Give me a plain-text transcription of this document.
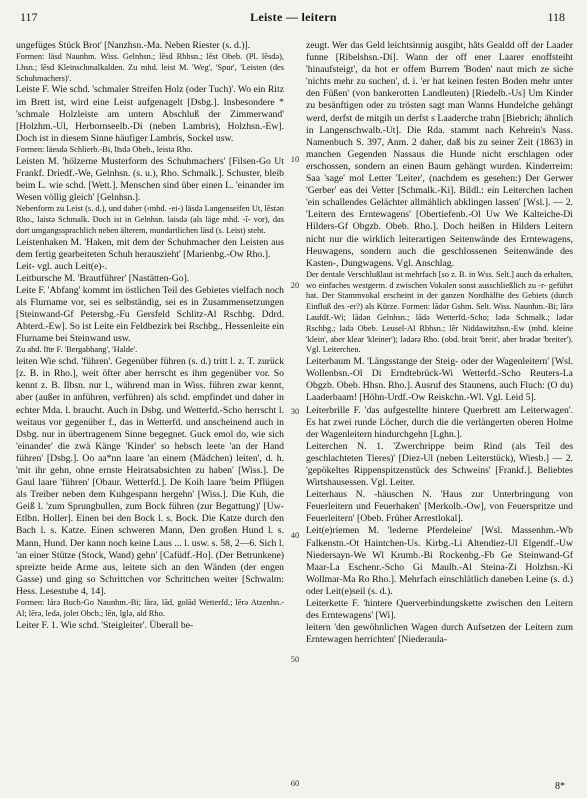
117	Leiste — leitern	118

ungefüges Stück Brot' [Nanzhsn.-Ma. Neben Riester (s. d.)].

Formen: läsd Naunhm. Wiss. Gelnhsn.; lēsd Rbhsn.; lēst Obeb. (Pl. lēsdə), Lhsn.; lēsd Kleinschmalkalden. Zu mhd. leist M. 'Weg', 'Spur', 'Leisten (des Schuhmachers)'.

Leiste F. Wie schd. 'schmaler Streifen Holz (oder Tuch)'. Wo ein Ritz im Brett ist, wird eine Leist aufgenagelt [Dsbg.]. Insbesondere * 'schmale Holzleiste am untern Abschluß der Zimmerwand' [Holzhm.-Ul, Herbornseelb.-Di (neben Lambris), Holzhsn.-Ew]. Doch ist in diesem Sinne häufiger Lambris, Sockel usw.

Formen: läesdə Schlierb.-Bi, līsdə Obeb., leistə Rho.

Leisten M. 'hölzerne Musterform des Schuhmachers' [Filsen-Go Ut Frankf. Driedf.-We, Gelnhsn. (s. u.), Rho. Schmalk.]. Schuster, bleib beim L. wie schd. [Wett.]. Menschen sind über einen L. 'einander im Wesen völlig gleich' [Gelnhsn.].

Nebenform zu Leist (s. d.), und daher (‹mhd. -ei-) läsdə Langenseifen Ut, lēstən Rho., laistə Schmalk. Doch ist in Gelnhsn. laisdə (als läge mhd. -î- vor), das dort umgangssprachlich neben älterem, mundartlichen läsd (s. Leist) steht.

Leistenhaken M. 'Haken, mit dem der Schuhmacher den Leisten aus dem fertig gearbeiteten Schuh herauszieht' [Marienbg.-Ow Rho.].

Leit- vgl. auch Leit(e)-.

Leitbursche M. 'Brautführer' [Nastätten-Go].

Leite F. 'Abfang' kommt im östlichen Teil des Gebietes vielfach noch als Flurname vor, sei es selbständig, sei es in Zusammensetzungen [Steinwand-Gf Petersbg.-Fu Gersfeld Schlitz-Al Rschbg. Ddrd. Abterd.-Ew]. So ist Leite ein Feldbezirk bei Rschbg., Hessenleite ein Flurname bei Steinwand usw.

Zu ahd. līte F. 'Bergabhang', 'Halde'.

leiten Wie schd. 'führen'. Gegenüber führen (s. d.) tritt l. z. T. zurück [z. B. in Rho.], weit öfter aber herrscht es ihm gegenüber vor. So kennt z. B. Ilbsn. nur l., während man in Wiss. führen zwar kennt, aber (außer in anführen, verführen) als schd. empfindet und daher in echter Mda. l. braucht. Auch in Dsbg. und Wetterfd.-Scho herrscht l. weitaus vor gegenüber f., das in Wetterfd. und anscheinend auch in Dsbg. nur in übertragenem Sinne begegnet. Guck emol do, wie sich 'einander' die zwä Känge 'Kinder' so hebsch leete 'an der Hand führen' [Dsbg.]. Oo aa*nn laare 'an einem (Mädchen) leiten', d. h. 'mit ihr gehn, ohne ernste Heiratsabsichten zu haben' [Wiss.]. De Gaul laare 'führen' [Obaur. Wetterfd.]. De Koih laare 'beim Pflügen als Treiber neben dem Kuhgespann hergehn' [Wiss.]. Die Kuh, die Geiß l. 'zum Sprungbullen, zum Bock führen (zur Begattung)' [Uw-Etlbn. Holler]. Einen bei den Bock l. s. Bock. Die Katze durch den Bach l. s. Katze. Einen schweren Mann, Den großen Hund l. s. Mann, Hund. Der kann noch keine Laus ... l. usw. s. 58, 2—6. Sich l. 'an einer Stütze (Stock, Wand) gehn' [Cafüdf.-Ho]. (Der Betrunkene) spreizte beide Arme aus, leitete sich an den Wänden (der engen Gasse) und ging so Schrittchen vor Schrittchen weiter [Schwalm: Hess. Lesestube 4, 14].

Formen: lårə Buch-Go Naunhm.-Bi; lårə, lād, golād Wetterfd.; lērə Atzenhn.-Al; lērə, ledə, jolet Obcb.; lēn, lglə, ald Rho.

Leiter F. 1. Wie schd. 'Steigleiter'. Überall be-

10
20
30
40
50
60

zeugt. Wer das Geld leichtsinnig ausgibt, hâts Gealdd off der Laader funne [Ribelshsn.-Di]. Wann der off ener Laarer enoffsteiht 'hinaufsteigt', da hot er offem Burrem 'Boden' naut mich ze siche 'nichts mehr zu suchen', d. i. 'er hat keinen festen Boden mehr unter den Füßen' (von bankerotten Landleuten) [Riedelb.-Us] Um Kinder zu besänftigen oder zu trösten sagt man Wanns Hundelche gehängt werd, derfst de mitgih un derfst s Laaderche trahn [Biebrich; ähnlich in Langenschwalb.-Ut]. Die Rda. stammt nach Kehrein's Nass. Namenbuch S. 397, Anm. 2 daher, daß bis zu seiner Zeit (1863) in manchen Gegenden Nassaus die Hunde nicht erschlagen oder erschossen, sondern an einen Baum gehängt wurden. Kinderreim: Saa 'sage' mol Letter 'Leiter', (nachdem es gesehen:) Der Gerwer 'Gerber' eas dei Vetter [Schmalk.-Ki]. Bildl.: ein Leiterchen lachen 'ein schallendes Gelächter allmählich abklingen lassen' [Wsl.]. — 2. 'Leitern des Erntewagens' [Obertiefenb.-Ol Uw We Kalteiche-Di Hilders-Gf Obgzb. Obeb. Rho.]. Doch heißen in Hilders Leitern nicht nur die wirklich leiterartigen Seitenwände des Erntewagens, Heuwagens, sondern auch die geschlossenen Seitenwände des Kasten-, Dungwagens. Vgl. Anschlag.

Der dentale Verschlußlaut ist mehrfach [so z. B. in Wss. Selt.] auch da erhalten, wo einfaches westgerm. d zwischen Vokalen sonst ausschließlich zu -r- geführt hat. Der Stammvokal erscheint in der ganzen Nordhälfte des Gebiets (durch Einfluß des -er?) als Kürze. Formen: lādər Gshm. Selt. Wiss. Naunhm.-Bi; lārə Laufdf.-Wi; lādən Gelnhsn.; lādə Wetterfd.-Scho; lədə Schmalk.; lədər Rschbg.; lədə Obeb. Leusel-Al Rbhsn.; lēr Niddawitzhsn.-Ew (mhd. kleine 'klein', aber klear 'kleiner'); lədərə Rho. (obd. brait 'breit', aber brədər 'breiter'). Vgl. Leiterchen.

Leiterbaum M. 'Längsstange der Steig- oder der Wagenleitern' [Wsl. Wollenbsn.-Ol Di Erndtebrück-Wi Wetterfd.-Scho Reuters-La Obgzb. Obeb. Hhsn. Rho.]. Ausruf des Staunens, auch Fluch: (O du) Laaderbaam! [Höhn-Urdf.-Ow Reiskchn.-Wl. Vgl. Leid 5].

Leiterbrille F. 'das aufgestellte hintere Querbrett am Leiterwagen'. Es hat zwei runde Löcher, durch die die verlängerten oberen Holme der Wagenleitern hindurchgehn [Lghn.].

Leiterchen N. 1. 'Zwerchrippe beim Rind (als Teil des geschlachteten Tieres)' [Diez-Ul (neben Leiterstück), Wiesb.] — 2. 'gepökeltes Rippenspitzenstück des Schweins' [Frankf.]. Beliebtes Wirtshausessen. Vgl. Leiter.

Leiterhaus N. -häuschen N. 'Haus zur Unterbringung von Feuerleitern und Feuerhaken' [Merkolb.-Ow], von Feuerspritze und Feuerleitern' [Obeb. Früher Arrestlokal].

Leit(e)riemen M. 'lederne Pferdeleine' [Wsl. Massenhm.-Wb Falkenstn.-Ot Haintchen-Us. Kirbg.-Li Altendiez-Ul Elgendf.-Uw Niedersayn-We Wl Krumb.-Bi Rockenbg.-Fb Ge Steinwand-Gf Maar-La Eschenr.-Scho Gi Maulb.-Al Steina-Zi Holzhsn.-Ki Wollmar-Ma Ro Rho.]. Mehrfach einschlätlich daneben Leine (s. d.) oder Leit(e)seil (s. d.).

Leiterkette F. 'hintere Querverbindungskette zwischen den Leitern des Erntewagens' [Wi].

leitern 'den gewöhnlichen Wagen durch Aufsetzen der Leitern zum Erntewagen herrichten' [Niederaula-

8*
